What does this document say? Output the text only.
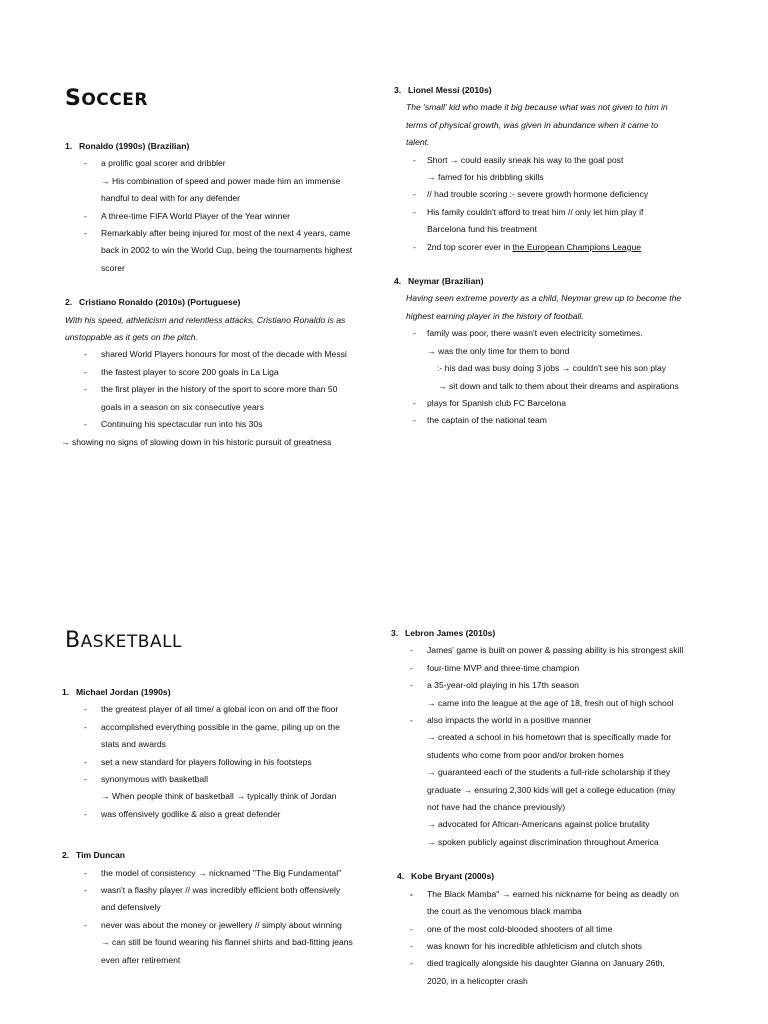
SOCCER
1. Ronaldo (1990s) (Brazilian)
- a prolific goal scorer and dribbler
→ His combination of speed and power made him an immense
handful to deal with for any defender
- A three-time FIFA World Player of the Year winner
- Remarkably after being injured for most of the next 4 years, came
back in 2002 to win the World Cup, being the tournaments highest
scorer
2. Cristiano Ronaldo (2010s) (Portuguese)
With his speed, athleticism and relentless attacks, Cristiano Ronaldo is as
unstoppable as it gets on the pitch.
- shared World Players honours for most of the decade with Messi
- the fastest player to score 200 goals in La Liga
- the first player in the history of the sport to score more than 50
goals in a season on six consecutive years
- Continuing his spectacular run into his 30s
→ showing no signs of slowing down in his historic pursuit of greatness
3. Lionel Messi (2010s)
The 'small' kid who made it big because what was not given to him in
terms of physical growth, was given in abundance when it came to
talent.
- Short → could easily sneak his way to the goal post
→ famed for his dribbling skills
- // had trouble scoring :- severe growth hormone deficiency
- His family couldn't afford to treat him // only let him play if
Barcelona fund his treatment
- 2nd top scorer ever in the European Champions League
4. Neymar (Brazilian)
Having seen extreme poverty as a child, Neymar grew up to become the
highest earning player in the history of football.
- family was poor, there wasn't even electricity sometimes.
→ was the only time for them to bond
:- his dad was busy doing 3 jobs → couldn't see his son play
→ sit down and talk to them about their dreams and aspirations
- plays for Spanish club FC Barcelona
- the captain of the national team
BASKETBALL
1. Michael Jordan (1990s)
- the greatest player of all time/ a global icon on and off the floor
- accomplished everything possible in the game, piling up on the
stats and awards
- set a new standard for players following in his footsteps
- synonymous with basketball
→ When people think of basketball → typically think of Jordan
- was offensively godlike & also a great defender
2. Tim Duncan
- the model of consistency → nicknamed "The Big Fundamental"
- wasn't a flashy player // was incredibly efficient both offensively
and defensively
- never was about the money or jewellery // simply about winning
→ can still be found wearing his flannel shirts and bad-fitting jeans
even after retirement
3. Lebron James (2010s)
- James' game is built on power & passing ability is his strongest skill
- four-time MVP and three-time champion
- a 35-year-old playing in his 17th season
→ came into the league at the age of 18, fresh out of high school
- also impacts the world in a positive manner
→ created a school in his hometown that is specifically made for
students who come from poor and/or broken homes
→ guaranteed each of the students a full-ride scholarship if they
graduate → ensuring 2,300 kids will get a college education (may
not have had the chance previously)
→ advocated for African-Americans against police brutality
→ spoken publicly against discrimination throughout America
4. Kobe Bryant (2000s)
- The Black Mamba" → earned his nickname for being as deadly on
the court as the venomous black mamba
- one of the most cold-blooded shooters of all time
- was known for his incredible athleticism and clutch shots
- died tragically alongside his daughter Gianna on January 26th,
2020, in a helicopter crash
